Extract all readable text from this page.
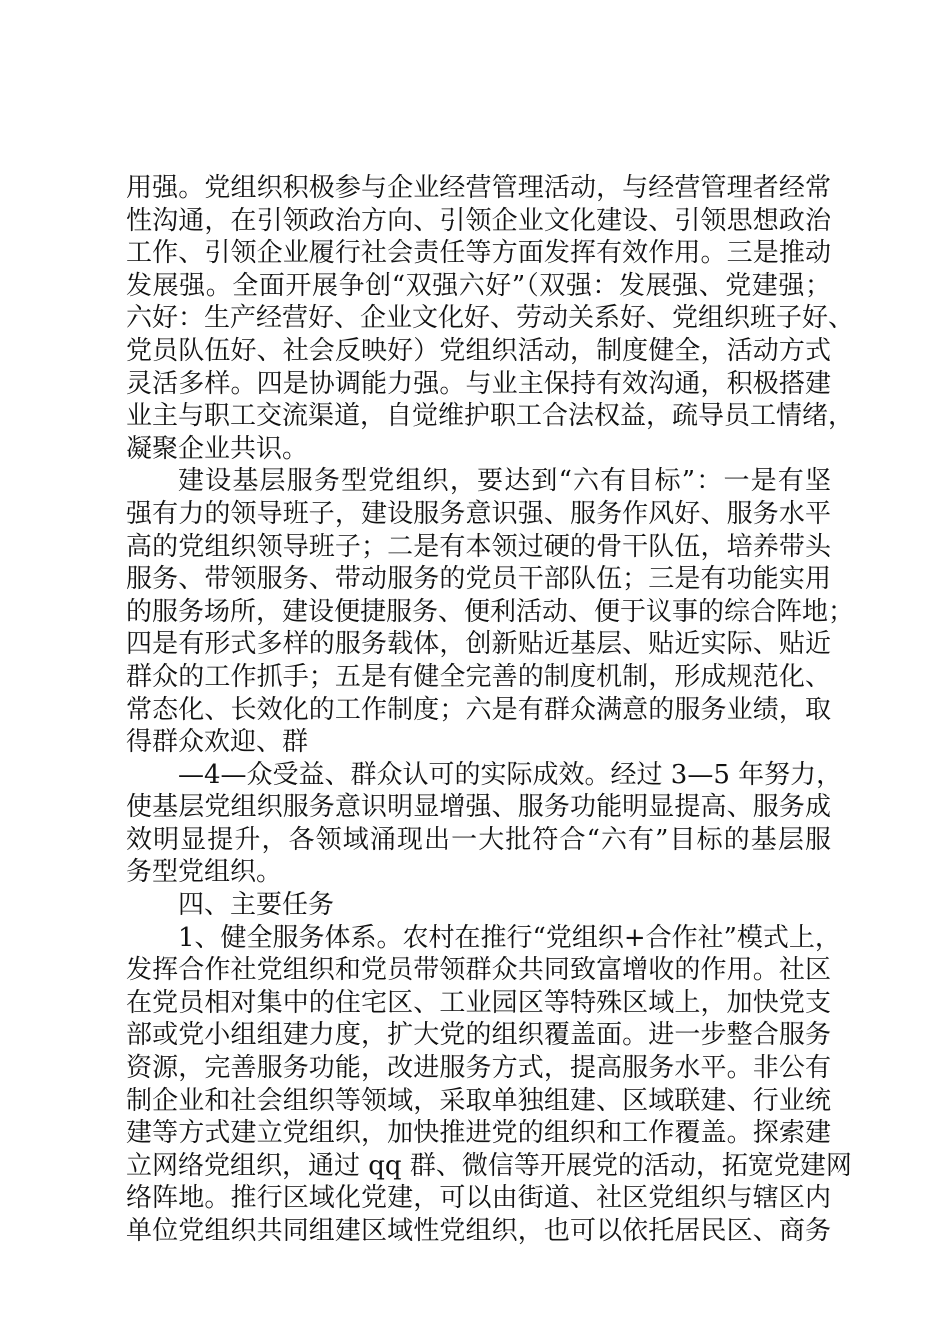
用强。党组织积极参与企业经营管理活动，与经营管理者经常
性沟通，在引领政治方向、引领企业文化建设、引领思想政治
工作、引领企业履行社会责任等方面发挥有效作用。三是推动
发展强。全面开展争创“双强六好”（双强：发展强、党建强；
六好：生产经营好、企业文化好、劳动关系好、党组织班子好、
党员队伍好、社会反映好）党组织活动，制度健全，活动方式
灵活多样。四是协调能力强。与业主保持有效沟通，积极搭建
业主与职工交流渠道，自觉维护职工合法权益，疏导员工情绪，
凝聚企业共识。
建设基层服务型党组织，要达到“六有目标”：一是有坚
强有力的领导班子，建设服务意识强、服务作风好、服务水平
高的党组织领导班子；二是有本领过硬的骨干队伍，培养带头
服务、带领服务、带动服务的党员干部队伍；三是有功能实用
的服务场所，建设便捷服务、便利活动、便于议事的综合阵地；
四是有形式多样的服务载体，创新贴近基层、贴近实际、贴近
群众的工作抓手；五是有健全完善的制度机制，形成规范化、
常态化、长效化的工作制度；六是有群众满意的服务业绩，取
得群众欢迎、群
—4—众受益、群众认可的实际成效。经过 3—5 年努力，
使基层党组织服务意识明显增强、服务功能明显提高、服务成
效明显提升，各领域涌现出一大批符合“六有”目标的基层服
务型党组织。
四、主要任务
1、健全服务体系。农村在推行“党组织+合作社”模式上，
发挥合作社党组织和党员带领群众共同致富增收的作用。社区
在党员相对集中的住宅区、工业园区等特殊区域上，加快党支
部或党小组组建力度，扩大党的组织覆盖面。进一步整合服务
资源，完善服务功能，改进服务方式，提高服务水平。非公有
制企业和社会组织等领域，采取单独组建、区域联建、行业统
建等方式建立党组织，加快推进党的组织和工作覆盖。探索建
立网络党组织，通过 qq 群、微信等开展党的活动，拓宽党建网
络阵地。推行区域化党建，可以由街道、社区党组织与辖区内
单位党组织共同组建区域性党组织，也可以依托居民区、商务
